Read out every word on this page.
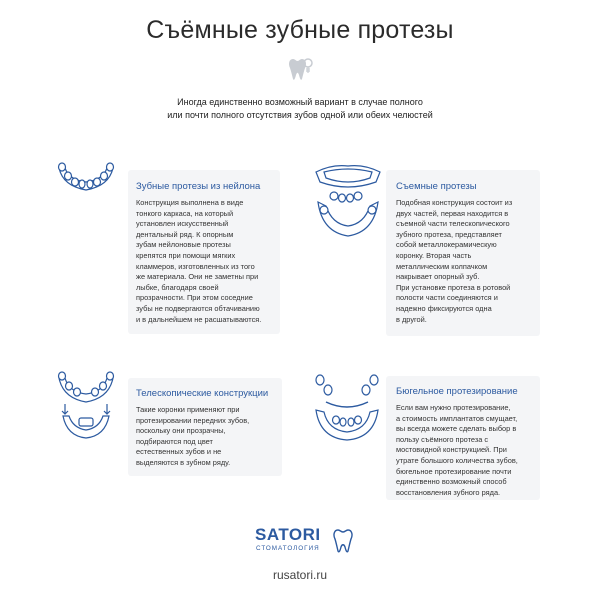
Съёмные зубные протезы
Иногда единственно возможный вариант в случае полного
или почти полного отсутствия зубов одной или обеих челюстей
Зубные протезы из нейлона
Конструкция выполнена в виде
тонкого каркаса, на который
установлен искусственный
дентальный ряд. К опорным
зубам нейлоновые протезы
крепятся при помощи мягких
кламмеров, изготовленных из того
же материала. Они не заметны при
лыбке, благодаря своей
прозрачности. При этом соседние
зубы не подвергаются обтачиванию
и в дальнейшем не расшатываются.
Съемные протезы
Подобная конструкция состоит из
двух частей, первая находится в
съемной части телескопического
зубного протеза, представляет
собой металлокерамическую
коронку. Вторая часть
металлическим колпачком
накрывает опорный зуб.
При установке протеза в ротовой
полости части соединяются и
надежно фиксируются одна
в другой.
Телескопические конструкции
Такие коронки применяют при
протезировании передних зубов,
поскольку они прозрачны,
подбираются под цвет
естественных зубов и не
выделяются в зубном ряду.
Бюгельное протезирование
Если вам нужно протезирование,
а стоимость имплантатов смущает,
вы всегда можете сделать выбор в
пользу съёмного протеза с
мостовидной конструкцией. При
утрате большого количества зубов,
бюгельное протезирование почти
единственно возможный способ
восстановления зубного ряда.
SATORI
СТОМАТОЛОГИЯ
rusatori.ru
